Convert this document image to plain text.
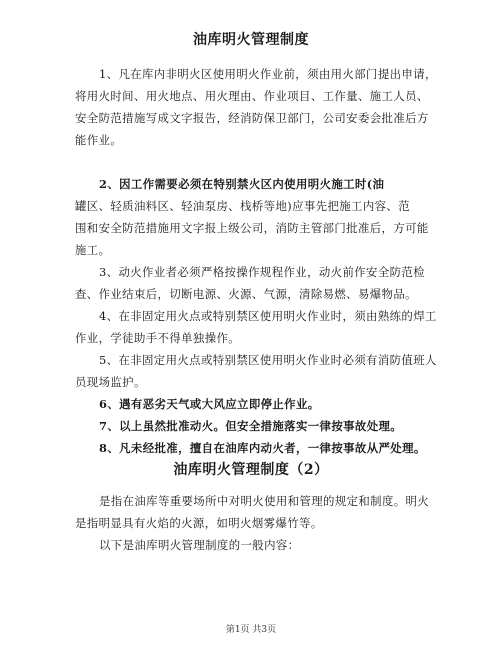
油库明火管理制度
1、凡在库内非明火区使用明火作业前，须由用火部门提出申请，
将用火时间、用火地点、用火理由、作业项目、工作量、施工人员、
安全防范措施写成文字报告，经消防保卫部门，公司安委会批准后方
能作业。
2、因工作需要必须在特别禁火区内使用明火施工时(油
罐区、轻质油料区、轻油泵房、栈桥等地)应事先把施工内容、范
围和安全防范措施用文字报上级公司，消防主管部门批准后，方可能
施工。
3、动火作业者必须严格按操作规程作业，动火前作安全防范检
查、作业结束后，切断电源、火源、气源，清除易燃、易爆物品。
4、在非固定用火点或特别禁区使用明火作业时，须由熟练的焊工
作业，学徒助手不得单独操作。
5、在非固定用火点或特别禁区使用明火作业时必须有消防值班人
员现场监护。
6、遇有恶劣天气或大风应立即停止作业。
7、以上虽然批准动火。但安全措施落实一律按事故处理。
8、凡未经批准，擅自在油库内动火者，一律按事故从严处理。
油库明火管理制度（2）
是指在油库等重要场所中对明火使用和管理的规定和制度。明火
是指明显具有火焰的火源，如明火烟雾爆竹等。
以下是油库明火管理制度的一般内容：
第1页 共3页
